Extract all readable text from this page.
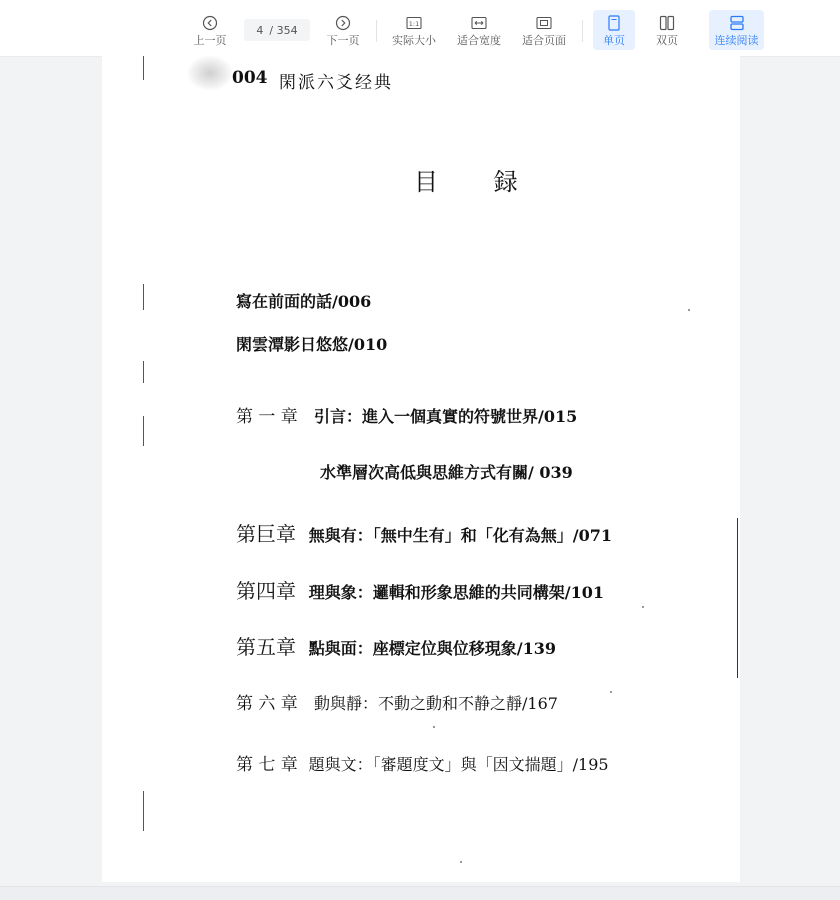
上一页
4 / 354
下一页
1:1
实际大小 适合宽度 适合页面	单页	双页	连续阅读
004 閑派六爻经典
目 録
寫在前面的話/006
閑雲潭影日悠悠/010
第 一 章 引言：進入一個真實的符號世界/015
水準層次高低與思維方式有關/ 039
第巨章 無與有：「無中生有」和「化有為無」/071
第四章 理與象：邏輯和形象思維的共同構架/101
第五章 點與面：座標定位與位移現象/139
第 六 章 動與靜：不動之動和不静之靜/167
第 七 章 題與文：「審題度文」與「因文揣題」/195
